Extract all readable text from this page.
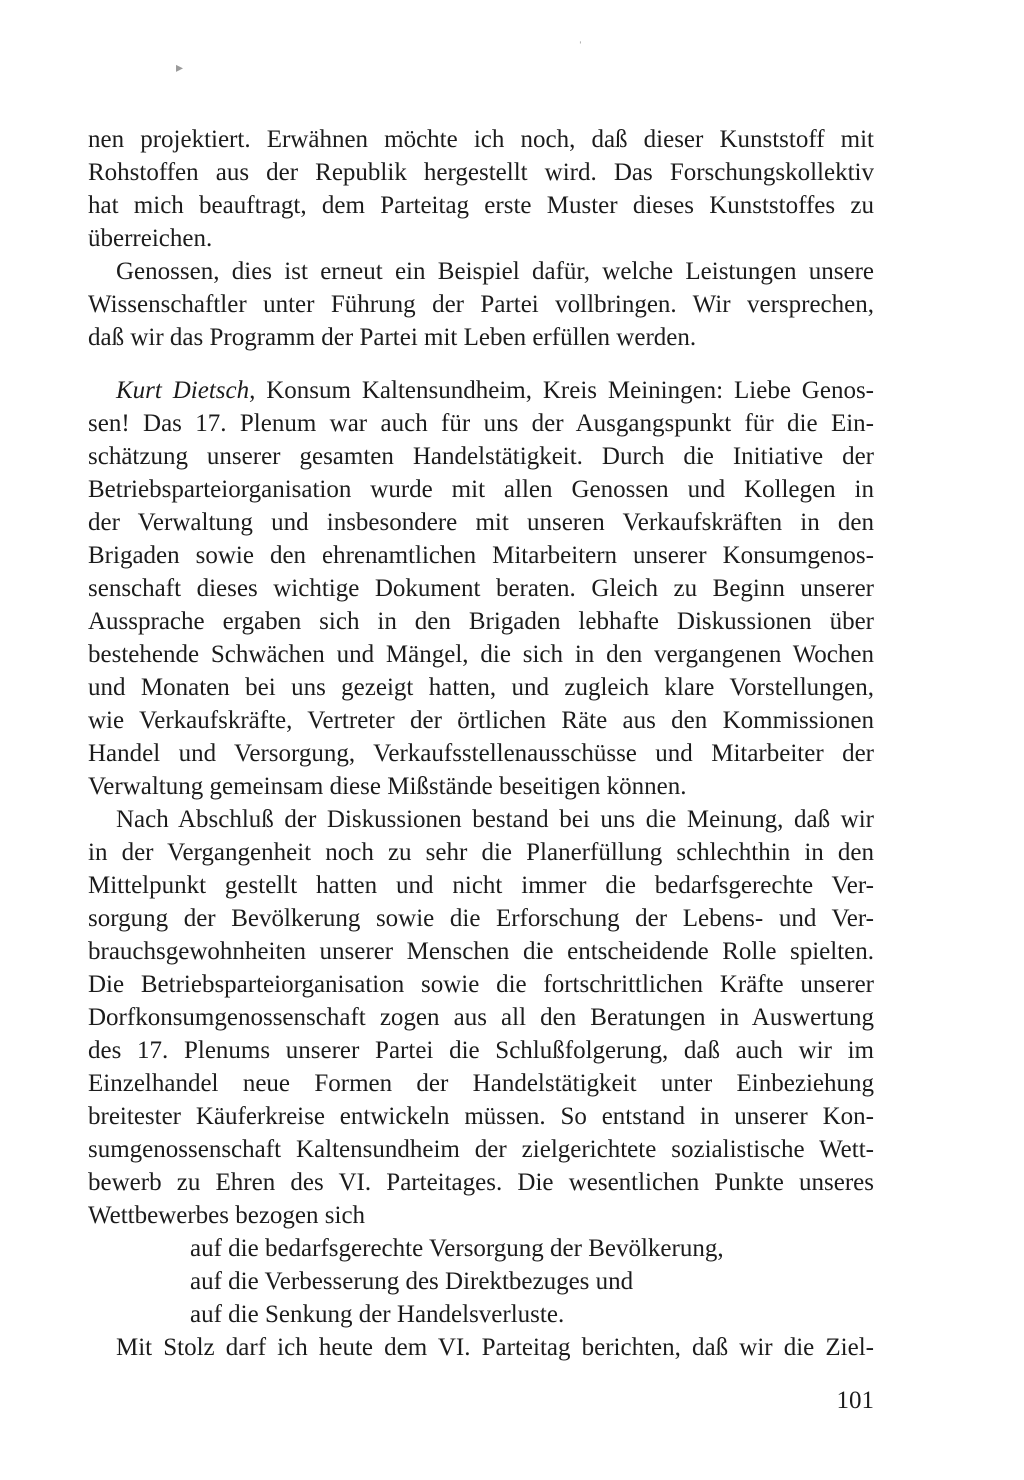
▸
ˈ
nen projektiert. Erwähnen möchte ich noch, daß dieser Kunststoff mit
Rohstoffen aus der Republik hergestellt wird. Das Forschungskollektiv
hat mich beauftragt, dem Parteitag erste Muster dieses Kunststoffes zu
überreichen.
Genossen, dies ist erneut ein Beispiel dafür, welche Leistungen unsere
Wissenschaftler unter Führung der Partei vollbringen. Wir versprechen,
daß wir das Programm der Partei mit Leben erfüllen werden.
Kurt Dietsch, Konsum Kaltensundheim, Kreis Meiningen: Liebe Genos-
sen! Das 17. Plenum war auch für uns der Ausgangspunkt für die Ein-
schätzung unserer gesamten Handelstätigkeit. Durch die Initiative der
Betriebsparteiorganisation wurde mit allen Genossen und Kollegen in
der Verwaltung und insbesondere mit unseren Verkaufskräften in den
Brigaden sowie den ehrenamtlichen Mitarbeitern unserer Konsumgenos-
senschaft dieses wichtige Dokument beraten. Gleich zu Beginn unserer
Aussprache ergaben sich in den Brigaden lebhafte Diskussionen über
bestehende Schwächen und Mängel, die sich in den vergangenen Wochen
und Monaten bei uns gezeigt hatten, und zugleich klare Vorstellungen,
wie Verkaufskräfte, Vertreter der örtlichen Räte aus den Kommissionen
Handel und Versorgung, Verkaufsstellenausschüsse und Mitarbeiter der
Verwaltung gemeinsam diese Mißstände beseitigen können.
Nach Abschluß der Diskussionen bestand bei uns die Meinung, daß wir
in der Vergangenheit noch zu sehr die Planerfüllung schlechthin in den
Mittelpunkt gestellt hatten und nicht immer die bedarfsgerechte Ver-
sorgung der Bevölkerung sowie die Erforschung der Lebens- und Ver-
brauchsgewohnheiten unserer Menschen die entscheidende Rolle spielten.
Die Betriebsparteiorganisation sowie die fortschrittlichen Kräfte unserer
Dorfkonsumgenossenschaft zogen aus all den Beratungen in Auswertung
des 17. Plenums unserer Partei die Schlußfolgerung, daß auch wir im
Einzelhandel neue Formen der Handelstätigkeit unter Einbeziehung
breitester Käuferkreise entwickeln müssen. So entstand in unserer Kon-
sumgenossenschaft Kaltensundheim der zielgerichtete sozialistische Wett-
bewerb zu Ehren des VI. Parteitages. Die wesentlichen Punkte unseres
Wettbewerbes bezogen sich
auf die bedarfsgerechte Versorgung der Bevölkerung,
auf die Verbesserung des Direktbezuges und
auf die Senkung der Handelsverluste.
Mit Stolz darf ich heute dem VI. Parteitag berichten, daß wir die Ziel-
101
